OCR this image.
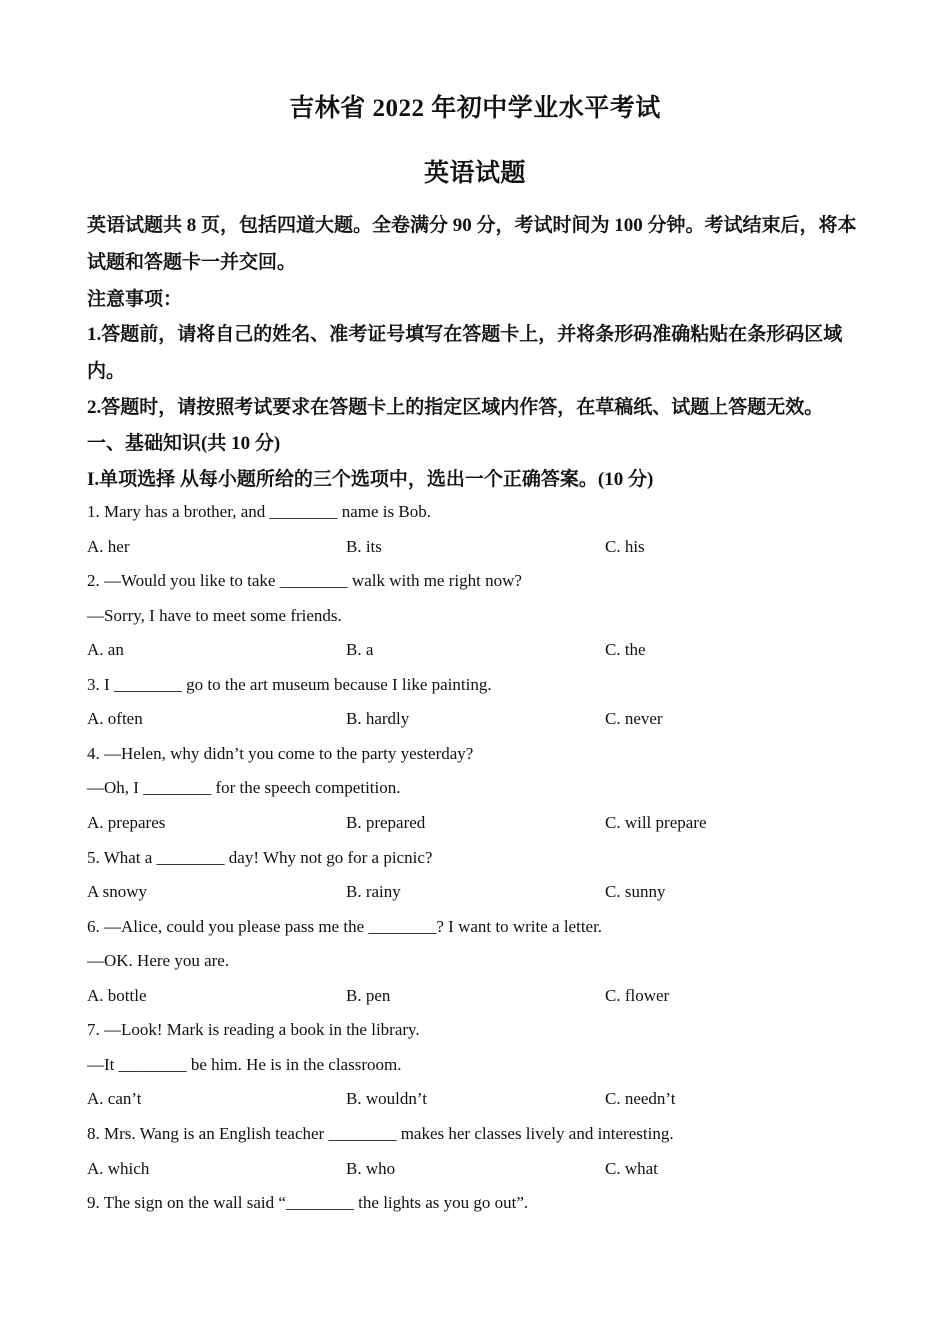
吉林省 2022 年初中学业水平考试
英语试题
英语试题共 8 页，包括四道大题。全卷满分 90 分，考试时间为 100 分钟。考试结束后，将本
试题和答题卡一并交回。
注意事项：
1.答题前，请将自己的姓名、准考证号填写在答题卡上，并将条形码准确粘贴在条形码区域
内。
2.答题时，请按照考试要求在答题卡上的指定区域内作答，在草稿纸、试题上答题无效。
一、基础知识(共 10 分)
I.单项选择 从每小题所给的三个选项中，选出一个正确答案。(10 分)
1. Mary has a brother, and ________ name is Bob.
A. her	B. its	C. his
2. —Would you like to take ________ walk with me right now?
—Sorry, I have to meet some friends.
A. an	B. a	C. the
3. I ________ go to the art museum because I like painting.
A. often	B. hardly	C. never
4. —Helen, why didn’t you come to the party yesterday?
—Oh, I ________ for the speech competition.
A. prepares	B. prepared	C. will prepare
5. What a ________ day! Why not go for a picnic?
A snowy	B. rainy	C. sunny
6. —Alice, could you please pass me the ________? I want to write a letter.
—OK. Here you are.
A. bottle	B. pen	C. flower
7. —Look! Mark is reading a book in the library.
—It ________ be him. He is in the classroom.
A. can’t	B. wouldn’t	C. needn’t
8. Mrs. Wang is an English teacher ________ makes her classes lively and interesting.
A. which	B. who	C. what
9. The sign on the wall said “________ the lights as you go out”.
